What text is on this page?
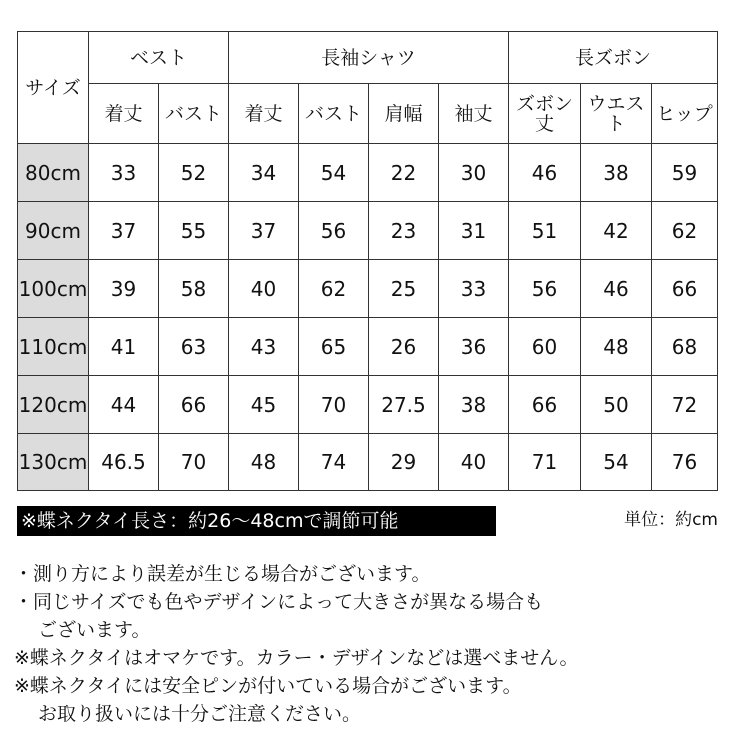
サイズ	ベスト		長袖シャツ				長ズボン		
	着丈	バスト	着丈	バスト	肩幅	袖丈	ズボン丈	ウエスト	ヒップ
80cm	33	52	34	54	22	30	46	38	59
90cm	37	55	37	56	23	31	51	42	62
100cm	39	58	40	62	25	33	56	46	66
110cm	41	63	43	65	26	36	60	48	68
120cm	44	66	45	70	27.5	38	66	50	72
130cm	46.5	70	48	74	29	40	71	54	76
※蝶ネクタイ長さ：約26〜48cmで調節可能	単位：約cm
・測り方により誤差が生じる場合がございます。
・同じサイズでも色やデザインによって大きさが異なる場合も
ございます。
※蝶ネクタイはオマケです。カラー・デザインなどは選べません。
※蝶ネクタイには安全ピンが付いている場合がございます。
お取り扱いには十分ご注意ください。
